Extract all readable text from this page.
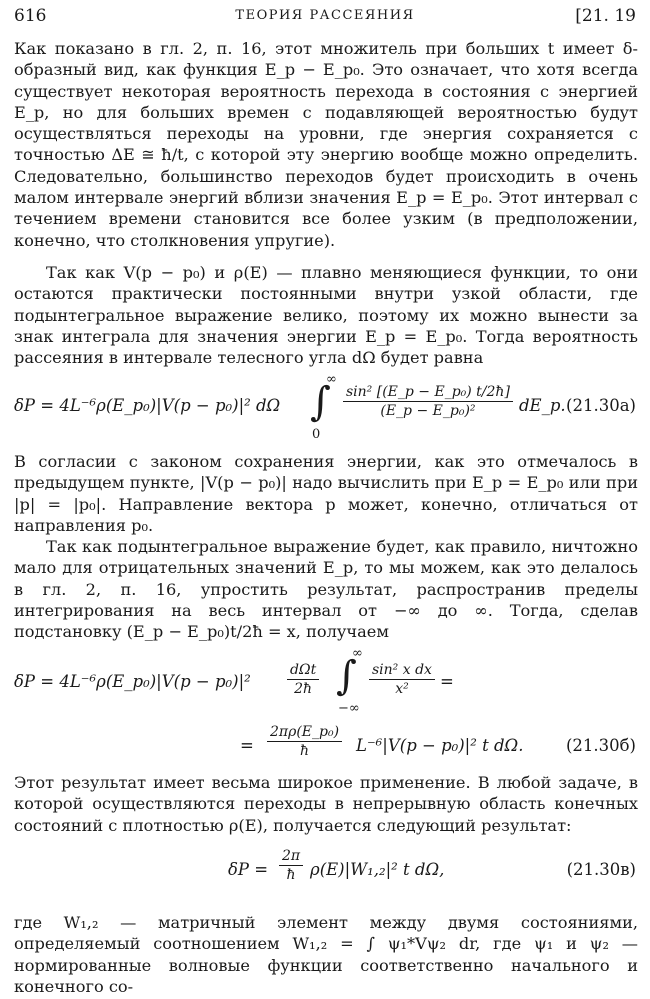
616	ТЕОРИЯ РАССЕЯНИЯ	[21. 19

Как показано в гл. 2, п. 16, этот множитель при больших t имеет δ-образный вид, как функция E_p − E_p₀. Это означает, что хотя всегда существует некоторая вероятность перехода в состояния с энергией E_p, но для больших времен с подавляющей вероятностью будут осуществляться переходы на уровни, где энергия сохраняется с точностью ΔE ≅ ħ/t, с которой эту энергию вообще можно определить. Следовательно, большинство переходов будет происходить в очень малом интервале энергий вблизи значения E_p = E_p₀. Этот интервал с течением времени становится все более узким (в предположении, конечно, что столкновения упругие).

Так как V(p − p₀) и ρ(E) — плавно меняющиеся функции, то они остаются практически постоянными внутри узкой области, где подынтегральное выражение велико, поэтому их можно вынести за знак интеграла для значения энергии E_p = E_p₀. Тогда вероятность рассеяния в интервале телесного угла dΩ будет равна

δP = 4L⁻⁶ρ(E_p₀)|V(p − p₀)|² dΩ ∫
∞
0
$\frac{\text{sin² [(E\_p − E\_p₀) t/2ħ]}}{\text{(E\_p − E\_p₀)²}}$ dE_p. (21.30а)

В согласии с законом сохранения энергии, как это отмечалось в предыдущем пункте, |V(p − p₀)| надо вычислить при E_p = E_p₀ или при |p| = |p₀|. Направление вектора p может, конечно, отличаться от направления p₀.

Так как подынтегральное выражение будет, как правило, ничтожно мало для отрицательных значений E_p, то мы можем, как это делалось в гл. 2, п. 16, упростить результат, распространив пределы интегрирования на весь интервал от −∞ до ∞. Тогда, сделав подстановку (E_p − E_p₀)t/2ħ = x, получаем

δP = 4L⁻⁶ρ(E_p₀)|V(p − p₀)|²
dΩt
2ħ ∫
∞
−∞
$\frac{\text{sin² x dx}}{\text{x²}}$ =
= $\frac{\text{2πρ(E\_p₀)}}{ħ} L^{-6}|V(p - p_0)|^2$ t dΩ.	(21.30б)

Этот результат имеет весьма широкое применение. В любой задаче, в которой осуществляются переходы в непрерывную область конечных состояний с плотностью ρ(E), получается следующий результат:

$\delta P = \frac{2\pi}{ħ} \rho(E)|W_1,_2|^2$ t dΩ,	(21.30в)

где W₁,₂ — матричный элемент между двумя состояниями, определяемый соотношением W₁,₂ = ∫ ψ₁*Vψ₂ dr, где ψ₁ и ψ₂ — нормированные волновые функции соответственно начального и конечного со-
